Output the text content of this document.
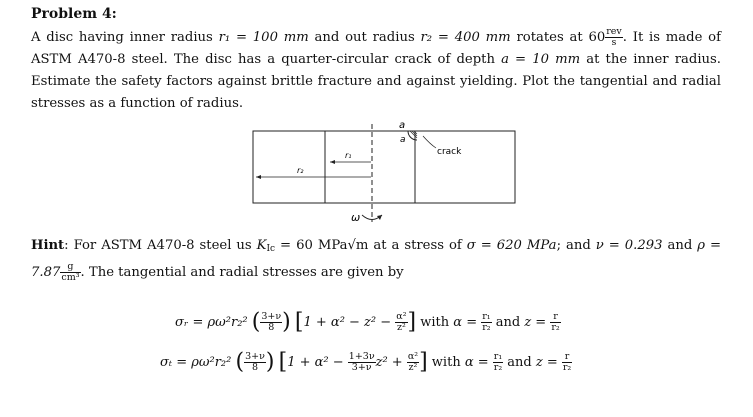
Problem 4:
A disc having inner radius r₁ = 100 mm and out radius r₂ = 400 mm rotates at $60 \frac{\text{rev}}{s}$ . It is made of ASTM A470-8 steel. The disc has a quarter-circular crack of depth a = 10 mm at the inner radius. Estimate the safety factors against brittle fracture and against yielding. Plot the tangential and radial stresses as a function of radius.
a
a
crack
r₁
r₂
ω
Hint: For ASTM A470-8 steel us $K_{Ic} = 60$ MPa√m at a stress of σ = 620 MPa; and ν = 0.293 and $\rho = 7.87 \frac{g}{\text{cm³}}$ . The tangential and radial stresses are given by
σᵣ = ρω²r₂² ( $\frac{3+\nu}{8}$ ) [$1 + \alpha^2 - z^2 - \frac{\text{α²}}{\text{z²}}$ ] with $\alpha = \frac{\text{r₁}}{\text{r₂}}$ and $z = \frac{r}{\text{r₂}}$
σₜ = ρω²r₂² ( $\frac{3+\nu}{8}$ ) [$1 + \alpha^2 - \frac{1+3\nu}{3+\nu} z^2 + \frac{\text{α²}}{\text{z²}}$ ] with $\alpha = \frac{\text{r₁}}{\text{r₂}}$ and $z = \frac{r}{\text{r₂}}$
